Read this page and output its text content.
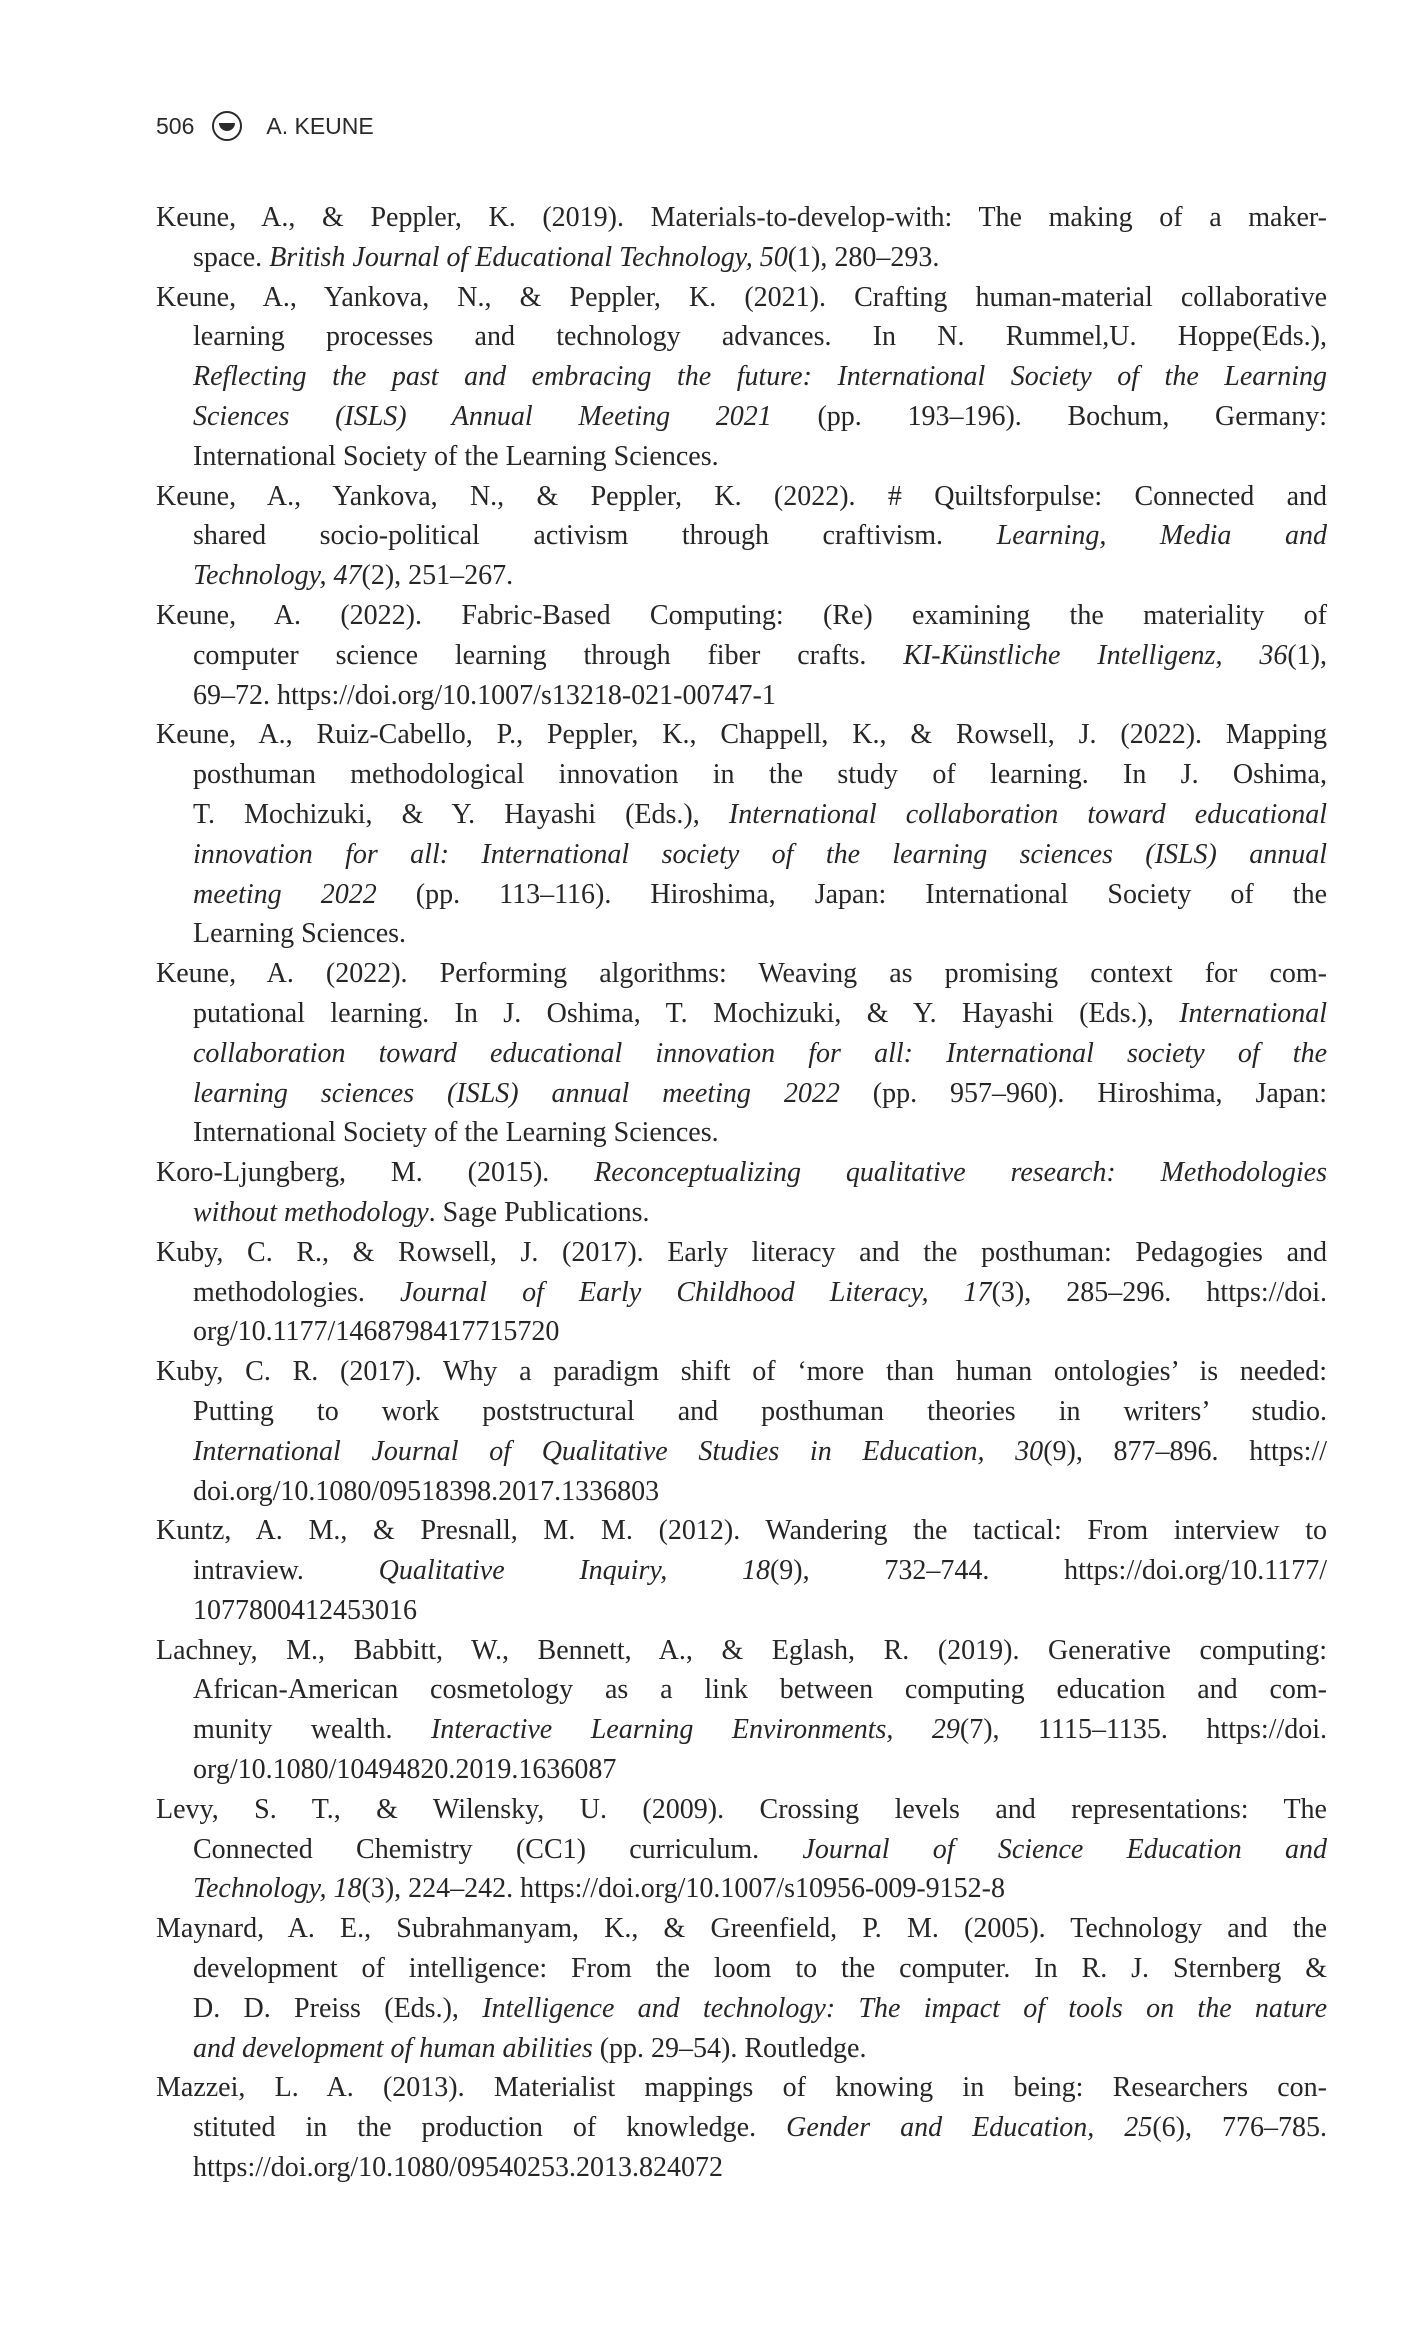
506	A. KEUNE
Keune, A., & Peppler, K. (2019). Materials-to-develop-with: The making of a maker-
space. British Journal of Educational Technology, 50(1), 280–293.
Keune, A., Yankova, N., & Peppler, K. (2021). Crafting human-material collaborative
learning processes and technology advances. In N. Rummel,U. Hoppe(Eds.),
Reflecting the past and embracing the future: International Society of the Learning
Sciences (ISLS) Annual Meeting 2021 (pp. 193–196). Bochum, Germany:
International Society of the Learning Sciences.
Keune, A., Yankova, N., & Peppler, K. (2022). # Quiltsforpulse: Connected and
shared socio-political activism through craftivism. Learning, Media and
Technology, 47(2), 251–267.
Keune, A. (2022). Fabric-Based Computing: (Re) examining the materiality of
computer science learning through fiber crafts. KI-Künstliche Intelligenz, 36(1),
69–72. https://doi.org/10.1007/s13218-021-00747-1
Keune, A., Ruiz-Cabello, P., Peppler, K., Chappell, K., & Rowsell, J. (2022). Mapping
posthuman methodological innovation in the study of learning. In J. Oshima,
T. Mochizuki, & Y. Hayashi (Eds.), International collaboration toward educational
innovation for all: International society of the learning sciences (ISLS) annual
meeting 2022 (pp. 113–116). Hiroshima, Japan: International Society of the
Learning Sciences.
Keune, A. (2022). Performing algorithms: Weaving as promising context for com-
putational learning. In J. Oshima, T. Mochizuki, & Y. Hayashi (Eds.), International
collaboration toward educational innovation for all: International society of the
learning sciences (ISLS) annual meeting 2022 (pp. 957–960). Hiroshima, Japan:
International Society of the Learning Sciences.
Koro-Ljungberg, M. (2015). Reconceptualizing qualitative research: Methodologies
without methodology. Sage Publications.
Kuby, C. R., & Rowsell, J. (2017). Early literacy and the posthuman: Pedagogies and
methodologies. Journal of Early Childhood Literacy, 17(3), 285–296. https://doi.
org/10.1177/1468798417715720
Kuby, C. R. (2017). Why a paradigm shift of ‘more than human ontologies’ is needed:
Putting to work poststructural and posthuman theories in writers’ studio.
International Journal of Qualitative Studies in Education, 30(9), 877–896. https://
doi.org/10.1080/09518398.2017.1336803
Kuntz, A. M., & Presnall, M. M. (2012). Wandering the tactical: From interview to
intraview. Qualitative Inquiry, 18(9), 732–744. https://doi.org/10.1177/
1077800412453016
Lachney, M., Babbitt, W., Bennett, A., & Eglash, R. (2019). Generative computing:
African-American cosmetology as a link between computing education and com-
munity wealth. Interactive Learning Environments, 29(7), 1115–1135. https://doi.
org/10.1080/10494820.2019.1636087
Levy, S. T., & Wilensky, U. (2009). Crossing levels and representations: The
Connected Chemistry (CC1) curriculum. Journal of Science Education and
Technology, 18(3), 224–242. https://doi.org/10.1007/s10956-009-9152-8
Maynard, A. E., Subrahmanyam, K., & Greenfield, P. M. (2005). Technology and the
development of intelligence: From the loom to the computer. In R. J. Sternberg &
D. D. Preiss (Eds.), Intelligence and technology: The impact of tools on the nature
and development of human abilities (pp. 29–54). Routledge.
Mazzei, L. A. (2013). Materialist mappings of knowing in being: Researchers con-
stituted in the production of knowledge. Gender and Education, 25(6), 776–785.
https://doi.org/10.1080/09540253.2013.824072
